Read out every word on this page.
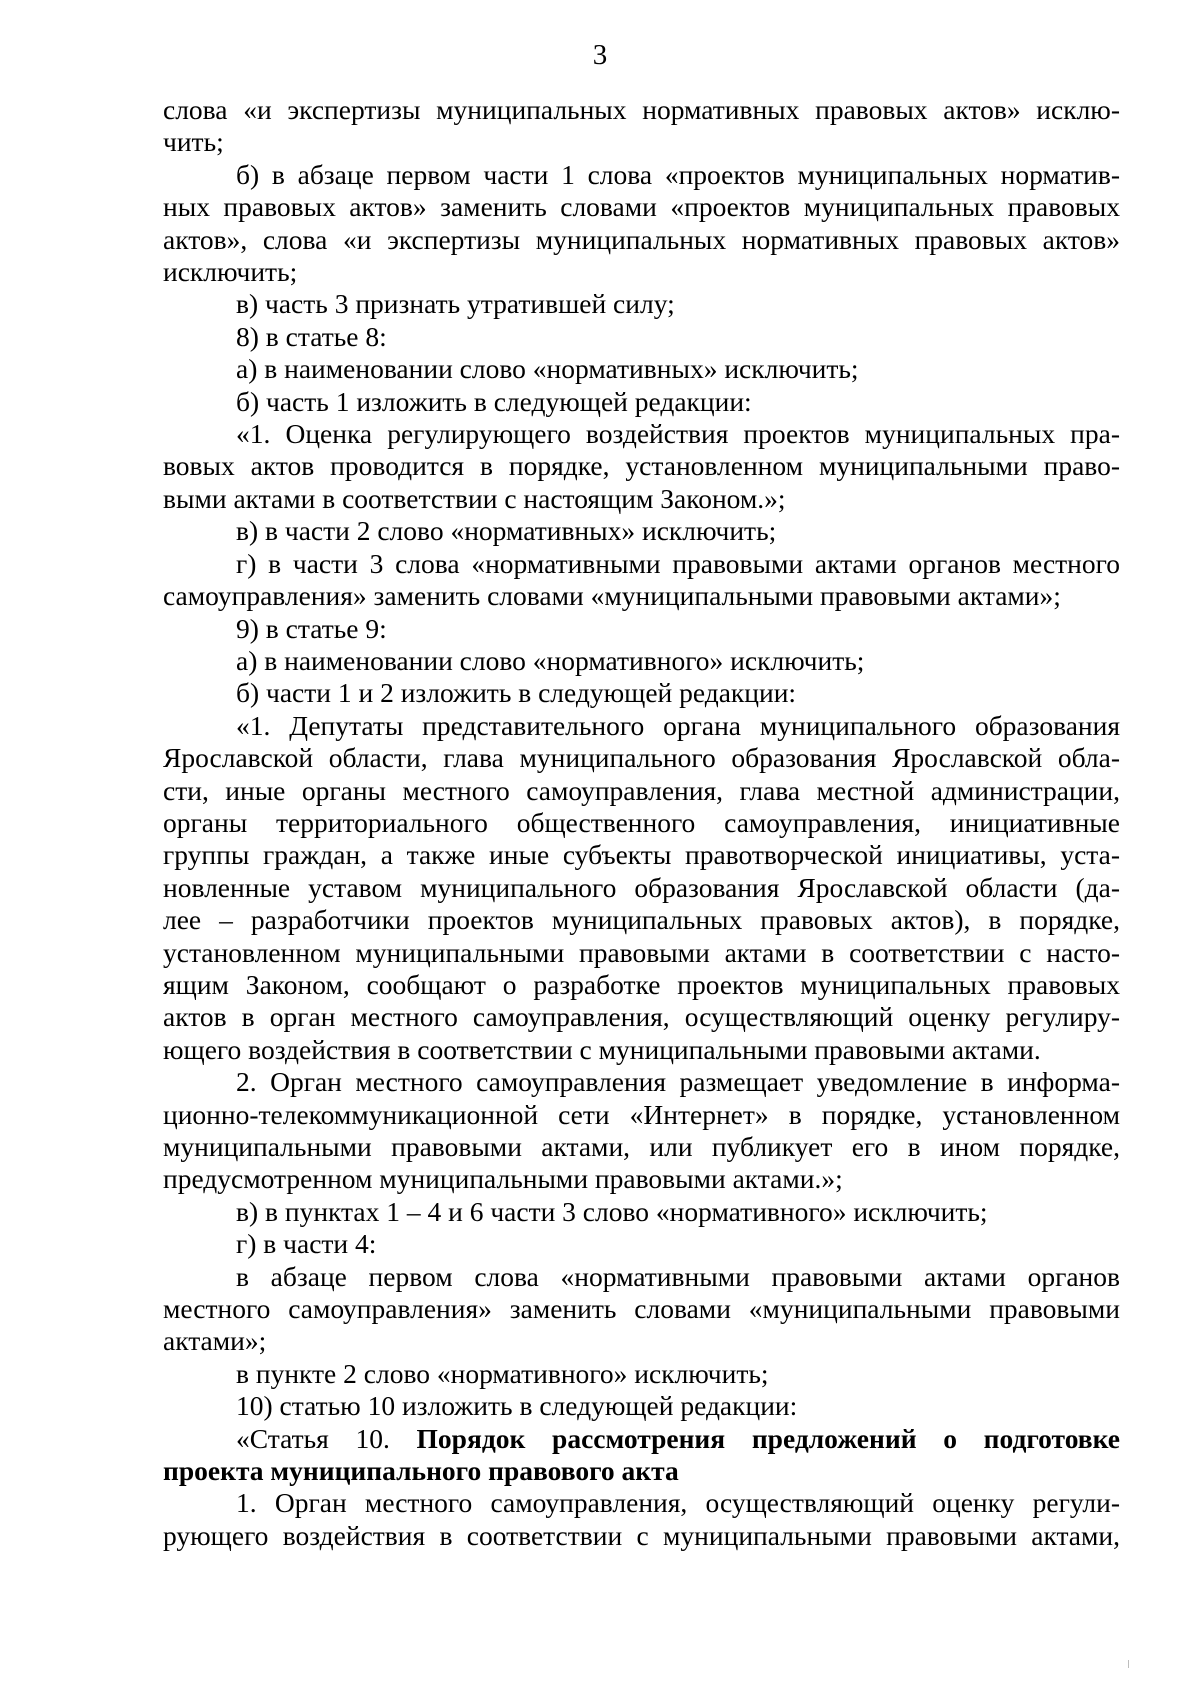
3

слова «и экспертизы муниципальных нормативных правовых актов» исклю-
чить;

б) в абзаце первом части 1 слова «проектов муниципальных норматив-

ных правовых актов» заменить словами «проектов муниципальных правовых
актов», слова «и экспертизы муниципальных нормативных правовых актов»
исключить;

в) часть 3 признать утратившей силу;

8) в статье 8:

а) в наименовании слово «нормативных» исключить;

б) часть 1 изложить в следующей редакции:

«1. Оценка регулирующего воздействия проектов муниципальных пра-

вовых актов проводится в порядке, установленном муниципальными право-
выми актами в соответствии с настоящим Законом.»;

в) в части 2 слово «нормативных» исключить;

г) в части 3 слова «нормативными правовыми актами органов местного

самоуправления» заменить словами «муниципальными правовыми актами»;

9) в статье 9:

а) в наименовании слово «нормативного» исключить;

б) части 1 и 2 изложить в следующей редакции:

«1. Депутаты представительного органа муниципального образования

Ярославской области, глава муниципального образования Ярославской обла-
сти, иные органы местного самоуправления, глава местной администрации,
органы территориального общественного самоуправления, инициативные
группы граждан, а также иные субъекты правотворческой инициативы, уста-
новленные уставом муниципального образования Ярославской области (да-
лее – разработчики проектов муниципальных правовых актов), в порядке,
установленном муниципальными правовыми актами в соответствии с насто-
ящим Законом, сообщают о разработке проектов муниципальных правовых
актов в орган местного самоуправления, осуществляющий оценку регулиру-
ющего воздействия в соответствии с муниципальными правовыми актами.

2. Орган местного самоуправления размещает уведомление в информа-

ционно-телекоммуникационной сети «Интернет» в порядке, установленном
муниципальными правовыми актами, или публикует его в ином порядке,
предусмотренном муниципальными правовыми актами.»;

в) в пунктах 1 – 4 и 6 части 3 слово «нормативного» исключить;

г) в части 4:

в абзаце первом слова «нормативными правовыми актами органов

местного самоуправления» заменить словами «муниципальными правовыми
актами»;

в пункте 2 слово «нормативного» исключить;

10) статью 10 изложить в следующей редакции:

«Статья 10. Порядок рассмотрения предложений о подготовке

проекта муниципального правового акта

1. Орган местного самоуправления, осуществляющий оценку регули-

рующего воздействия в соответствии с муниципальными правовыми актами,
